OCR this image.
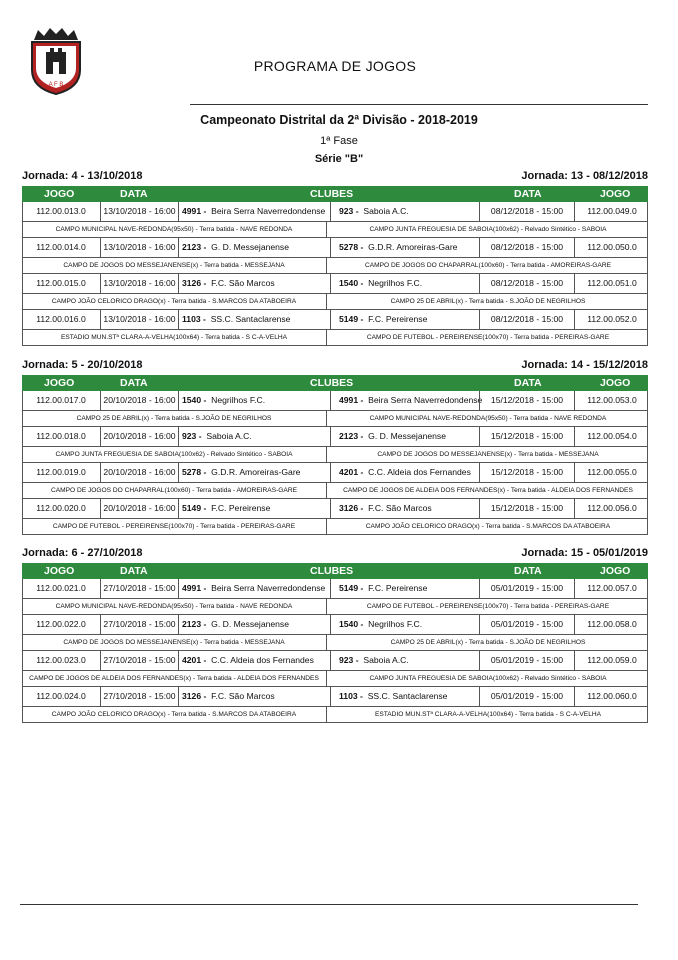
A F B
PROGRAMA DE JOGOS
Campeonato Distrital da 2ª Divisão - 2018-2019
1ª Fase
Série "B"
Jornada: 4 - 13/10/2018	Jornada: 13 - 08/12/2018
JOGO	DATA	CLUBES	DATA	JOGO
112.00.013.0	13/10/2018 - 16:00 4991 - Beira Serra Naverredondense	923 - Saboia A.C.	08/12/2018 - 15:00	112.00.049.0
CAMPO MUNICIPAL NAVE-REDONDA(95x50) - Terra batida - NAVE REDONDA	CAMPO JUNTA FREGUESIA DE SABOIA(100x62) - Relvado Sintético - SABOIA
112.00.014.0	13/10/2018 - 16:00 2123 - G. D. Messejanense	5278 - G.D.R. Amoreiras-Gare	08/12/2018 - 15:00	112.00.050.0
CAMPO DE JOGOS DO MESSEJANENSE(x) - Terra batida - MESSEJANA	CAMPO DE JOGOS DO CHAPARRAL(100x60) - Terra batida - AMOREIRAS-GARE
112.00.015.0	13/10/2018 - 16:00 3126 - F.C. São Marcos	1540 - Negrilhos F.C.	08/12/2018 - 15:00	112.00.051.0
CAMPO JOÃO CELORICO DRAGO(x) - Terra batida - S.MARCOS DA ATABOEIRA	CAMPO 25 DE ABRIL(x) - Terra batida - S.JOÃO DE NEGRILHOS
112.00.016.0	13/10/2018 - 16:00 1103 - SS.C. Santaclarense	5149 - F.C. Pereirense	08/12/2018 - 15:00	112.00.052.0
ESTADIO MUN.STª CLARA-A-VELHA(100x64) - Terra batida - S C-A-VELHA	CAMPO DE FUTEBOL - PEREIRENSE(100x70) - Terra batida - PEREIRAS-GARE
Jornada: 5 - 20/10/2018	Jornada: 14 - 15/12/2018
JOGO	DATA	CLUBES	DATA	JOGO
112.00.017.0	20/10/2018 - 16:00 1540 - Negrilhos F.C.	4991 - Beira Serra Naverredondense 15/12/2018 - 15:00	112.00.053.0
CAMPO 25 DE ABRIL(x) - Terra batida - S.JOÃO DE NEGRILHOS	CAMPO MUNICIPAL NAVE-REDONDA(95x50) - Terra batida - NAVE REDONDA
112.00.018.0	20/10/2018 - 16:00 923 - Saboia A.C.	2123 - G. D. Messejanense	15/12/2018 - 15:00	112.00.054.0
CAMPO JUNTA FREGUESIA DE SABOIA(100x62) - Relvado Sintético - SABOIA	CAMPO DE JOGOS DO MESSEJANENSE(x) - Terra batida - MESSEJANA
112.00.019.0	20/10/2018 - 16:00 5278 - G.D.R. Amoreiras-Gare	4201 - C.C. Aldeia dos Fernandes	15/12/2018 - 15:00	112.00.055.0
CAMPO DE JOGOS DO CHAPARRAL(100x60) - Terra batida - AMOREIRAS-GARE	CAMPO DE JOGOS DE ALDEIA DOS FERNANDES(x) - Terra batida - ALDEIA DOS FERNANDES
112.00.020.0	20/10/2018 - 16:00 5149 - F.C. Pereirense	3126 - F.C. São Marcos	15/12/2018 - 15:00	112.00.056.0
CAMPO DE FUTEBOL - PEREIRENSE(100x70) - Terra batida - PEREIRAS-GARE	CAMPO JOÃO CELORICO DRAGO(x) - Terra batida - S.MARCOS DA ATABOEIRA
Jornada: 6 - 27/10/2018	Jornada: 15 - 05/01/2019
JOGO	DATA	CLUBES	DATA	JOGO
112.00.021.0	27/10/2018 - 15:00 4991 - Beira Serra Naverredondense	5149 - F.C. Pereirense	05/01/2019 - 15:00	112.00.057.0
CAMPO MUNICIPAL NAVE-REDONDA(95x50) - Terra batida - NAVE REDONDA	CAMPO DE FUTEBOL - PEREIRENSE(100x70) - Terra batida - PEREIRAS-GARE
112.00.022.0	27/10/2018 - 15:00 2123 - G. D. Messejanense	1540 - Negrilhos F.C.	05/01/2019 - 15:00	112.00.058.0
CAMPO DE JOGOS DO MESSEJANENSE(x) - Terra batida - MESSEJANA	CAMPO 25 DE ABRIL(x) - Terra batida - S.JOÃO DE NEGRILHOS
112.00.023.0	27/10/2018 - 15:00 4201 - C.C. Aldeia dos Fernandes	923 - Saboia A.C.	05/01/2019 - 15:00	112.00.059.0
CAMPO DE JOGOS DE ALDEIA DOS FERNANDES(x) - Terra batida - ALDEIA DOS FERNANDES	CAMPO JUNTA FREGUESIA DE SABOIA(100x62) - Relvado Sintético - SABOIA
112.00.024.0	27/10/2018 - 15:00 3126 - F.C. São Marcos	1103 - SS.C. Santaclarense	05/01/2019 - 15:00	112.00.060.0
CAMPO JOÃO CELORICO DRAGO(x) - Terra batida - S.MARCOS DA ATABOEIRA	ESTADIO MUN.STª CLARA-A-VELHA(100x64) - Terra batida - S C-A-VELHA
